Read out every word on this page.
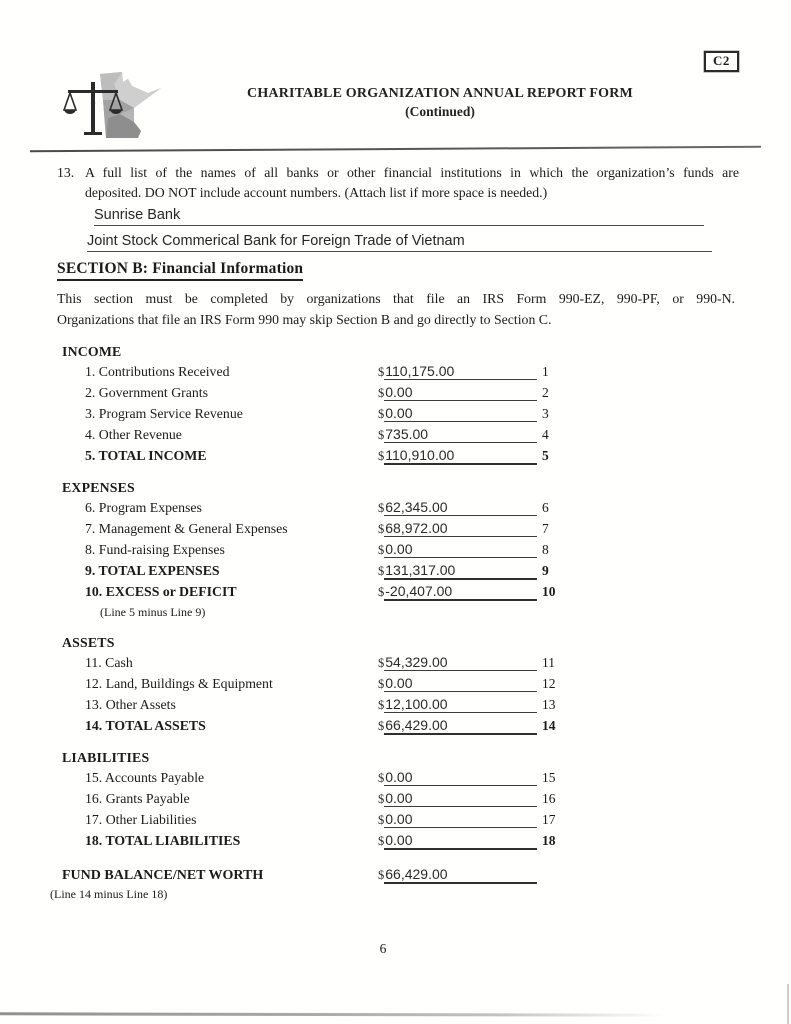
C2
CHARITABLE ORGANIZATION ANNUAL REPORT FORM
(Continued)
13. A full list of the names of all banks or other financial institutions in which the organization’s funds are
deposited. DO NOT include account numbers. (Attach list if more space is needed.)
Sunrise Bank
Joint Stock Commerical Bank for Foreign Trade of Vietnam
SECTION B: Financial Information
This section must be completed by organizations that file an IRS Form 990-EZ, 990-PF, or 990-N.
Organizations that file an IRS Form 990 may skip Section B and go directly to Section C.
INCOME
1. Contributions Received	$ 110,175.00	1
2. Government Grants	$ 0.00	2
3. Program Service Revenue	$ 0.00	3
4. Other Revenue	$ 735.00	4
5. TOTAL INCOME	$ 110,910.00	5
EXPENSES
6. Program Expenses	$ 62,345.00	6
7. Management & General Expenses	$ 68,972.00	7
8. Fund-raising Expenses	$ 0.00	8
9. TOTAL EXPENSES	$ 131,317.00	9
10. EXCESS or DEFICIT	$ -20,407.00	10
(Line 5 minus Line 9)
ASSETS
11. Cash	$ 54,329.00	11
12. Land, Buildings & Equipment	$ 0.00	12
13. Other Assets	$ 12,100.00	13
14. TOTAL ASSETS	$ 66,429.00	14
LIABILITIES
15. Accounts Payable	$ 0.00	15
16. Grants Payable	$ 0.00	16
17. Other Liabilities	$ 0.00	17
18. TOTAL LIABILITIES	$ 0.00	18
FUND BALANCE/NET WORTH	$ 66,429.00
(Line 14 minus Line 18)
6
